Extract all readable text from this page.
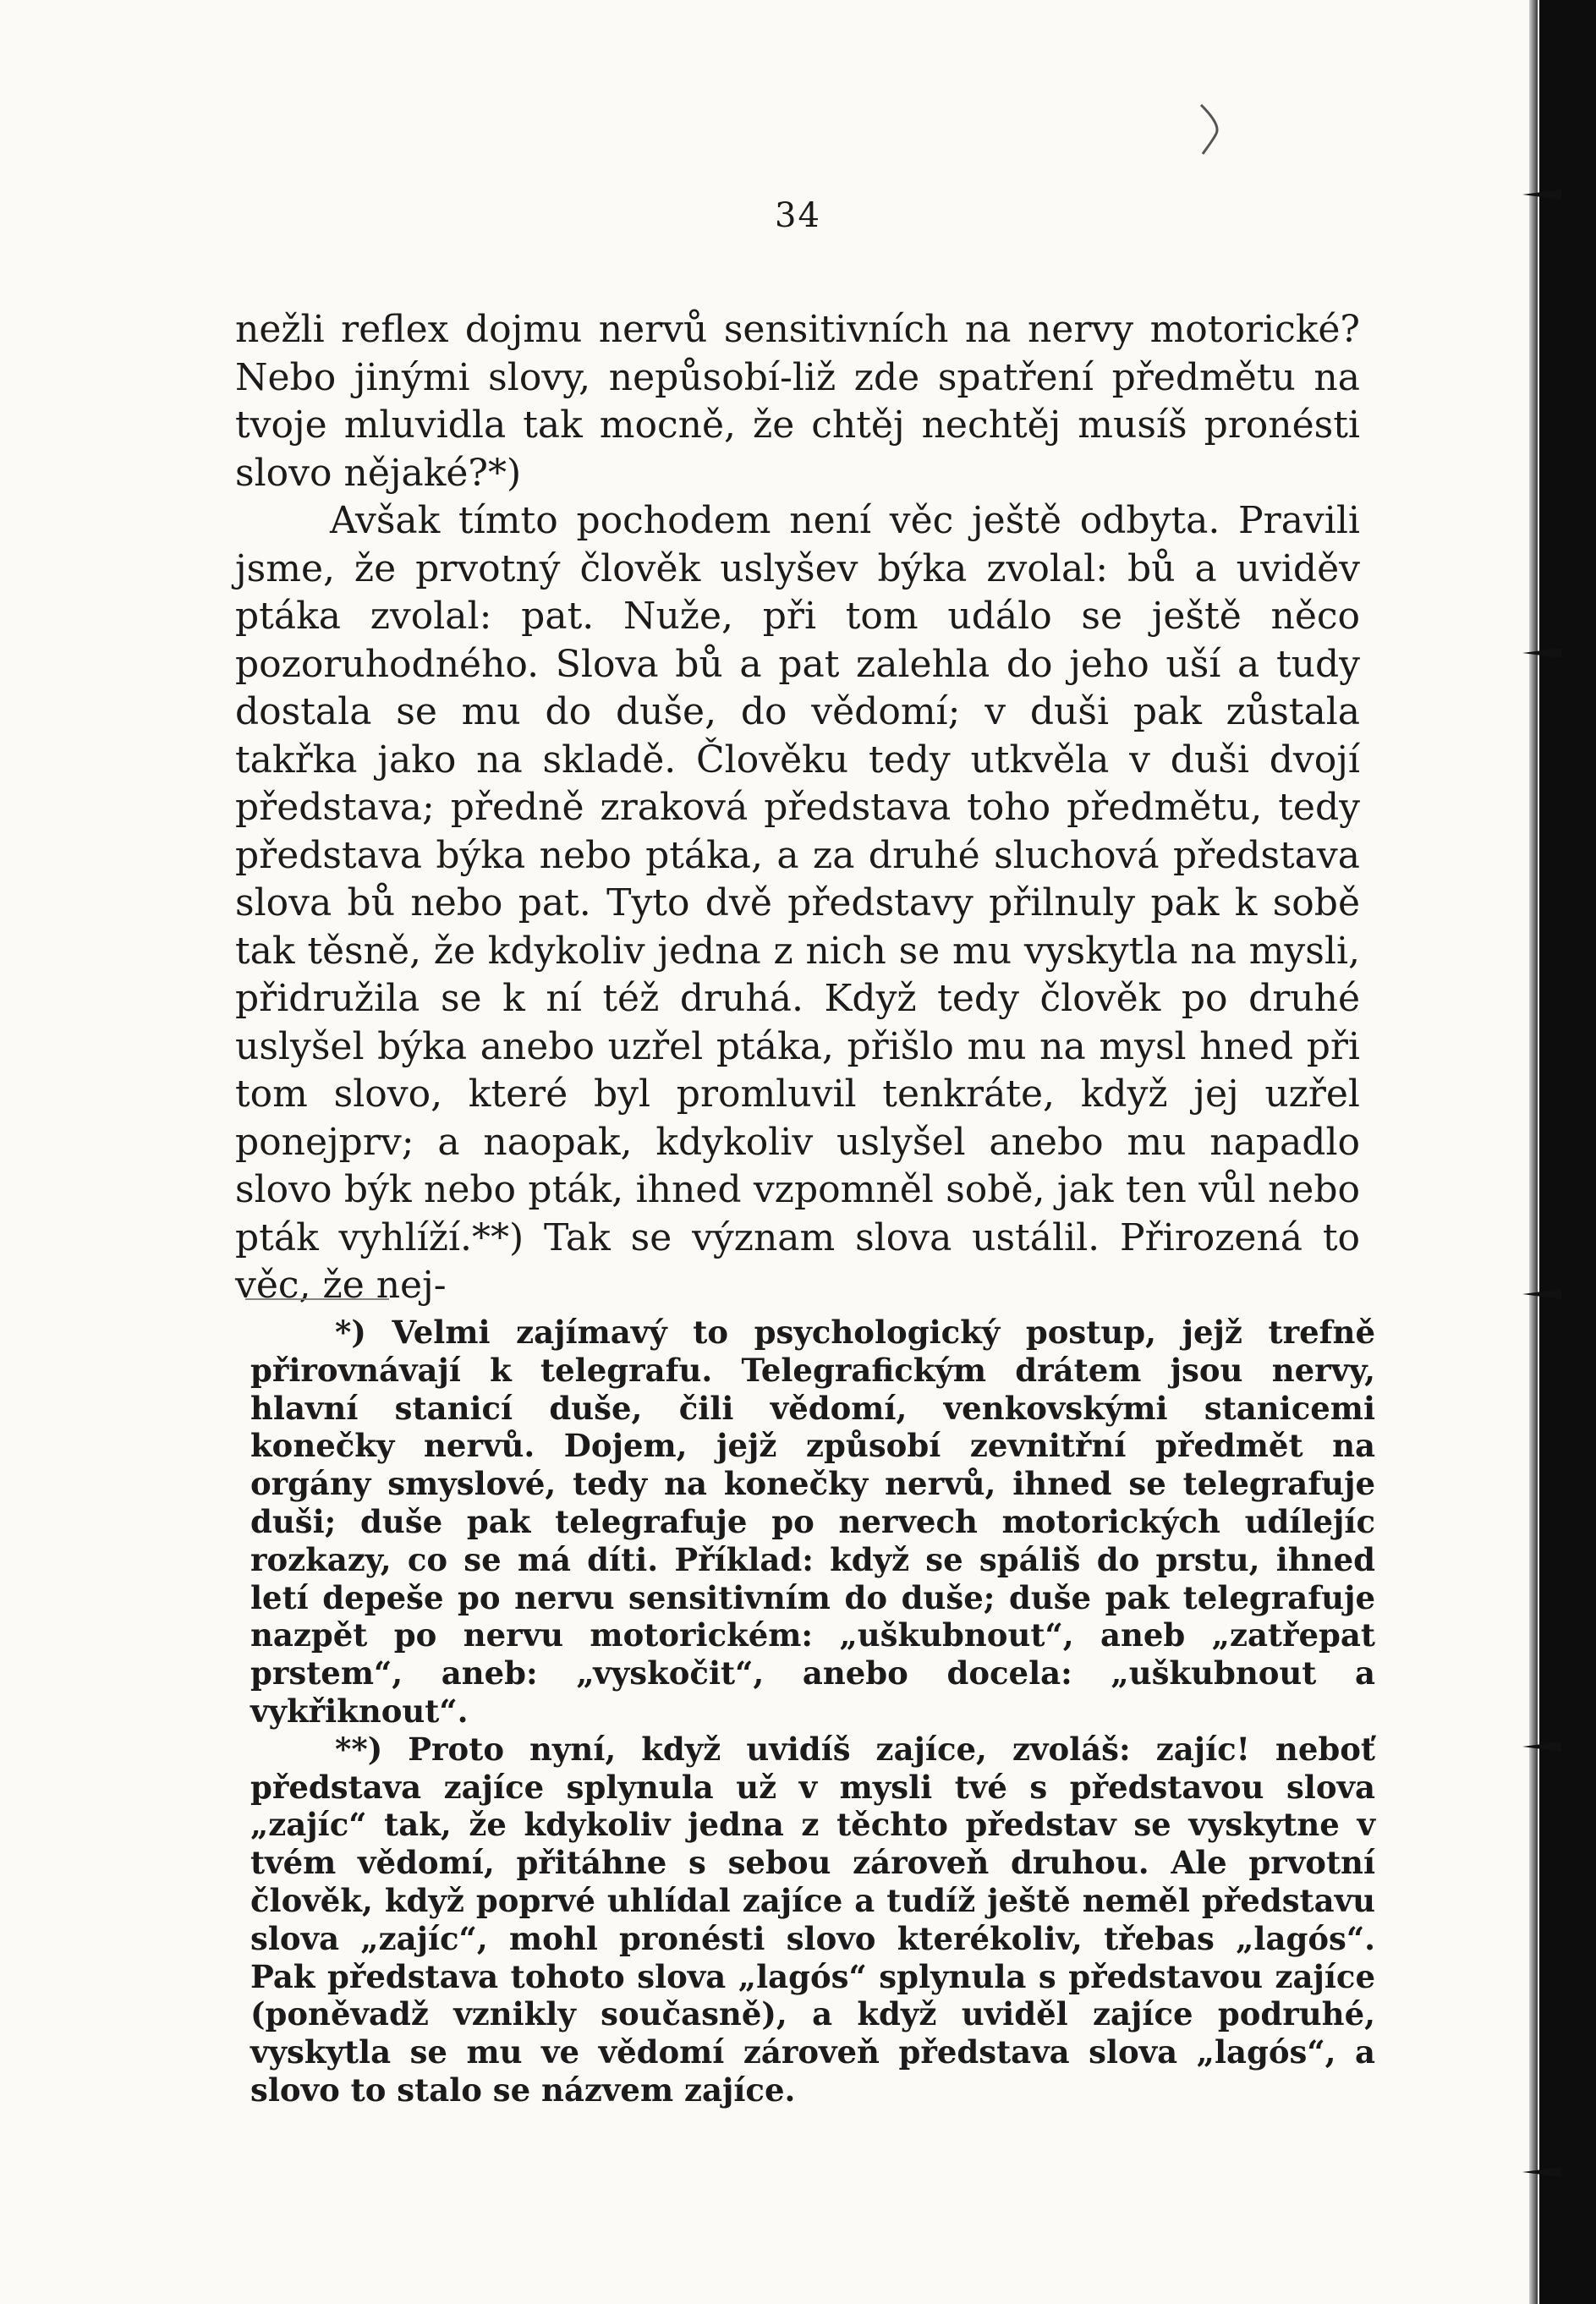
34

nežli reflex dojmu nervů sensitivních na nervy motorické? Nebo jinými slovy, nepůsobí-liž zde spatření předmětu na tvoje mluvidla tak mocně, že chtěj nechtěj musíš pronésti slovo nějaké?*)

Avšak tímto pochodem není věc ještě odbyta. Pravili jsme, že prvotný člověk uslyšev býka zvolal: bů a uviděv ptáka zvolal: pat. Nuže, při tom událo se ještě něco pozoruhodného. Slova bů a pat zalehla do jeho uší a tudy dostala se mu do duše, do vědomí; v duši pak zůstala takřka jako na skladě. Člověku tedy utkvěla v duši dvojí představa; předně zraková představa toho předmětu, tedy představa býka nebo ptáka, a za druhé sluchová představa slova bů nebo pat. Tyto dvě představy přilnuly pak k sobě tak těsně, že kdykoliv jedna z nich se mu vyskytla na mysli, přidružila se k ní též druhá. Když tedy člověk po druhé uslyšel býka anebo uzřel ptáka, přišlo mu na mysl hned při tom slovo, které byl promluvil tenkráte, když jej uzřel ponejprv; a naopak, kdykoliv uslyšel anebo mu napadlo slovo býk nebo pták, ihned vzpomněl sobě, jak ten vůl nebo pták vyhlíží.**) Tak se význam slova ustálil. Přirozená to věc, že nej-

*) Velmi zajímavý to psychologický postup, jejž trefně přirovnávají k telegrafu. Telegrafickým drátem jsou nervy, hlavní stanicí duše, čili vědomí, venkovskými stanicemi konečky nervů. Dojem, jejž způsobí zevnitřní předmět na orgány smyslové, tedy na konečky nervů, ihned se telegrafuje duši; duše pak telegrafuje po nervech motorických udílejíc rozkazy, co se má díti. Příklad: když se spáliš do prstu, ihned letí depeše po nervu sensitivním do duše; duše pak telegrafuje nazpět po nervu motorickém: „uškubnout“, aneb „zatřepat prstem“, aneb: „vyskočit“, anebo docela: „uškubnout a vykřiknout“.

**) Proto nyní, když uvidíš zajíce, zvoláš: zajíc! neboť představa zajíce splynula už v mysli tvé s představou slova „zajíc“ tak, že kdykoliv jedna z těchto představ se vyskytne v tvém vědomí, přitáhne s sebou zároveň druhou. Ale prvotní člověk, když poprvé uhlídal zajíce a tudíž ještě neměl představu slova „zajíc“, mohl pronésti slovo kterékoliv, třebas „lagós“. Pak představa tohoto slova „lagós“ splynula s představou zajíce (poněvadž vznikly současně), a když uviděl zajíce podruhé, vyskytla se mu ve vědomí zároveň představa slova „lagós“, a slovo to stalo se názvem zajíce.
